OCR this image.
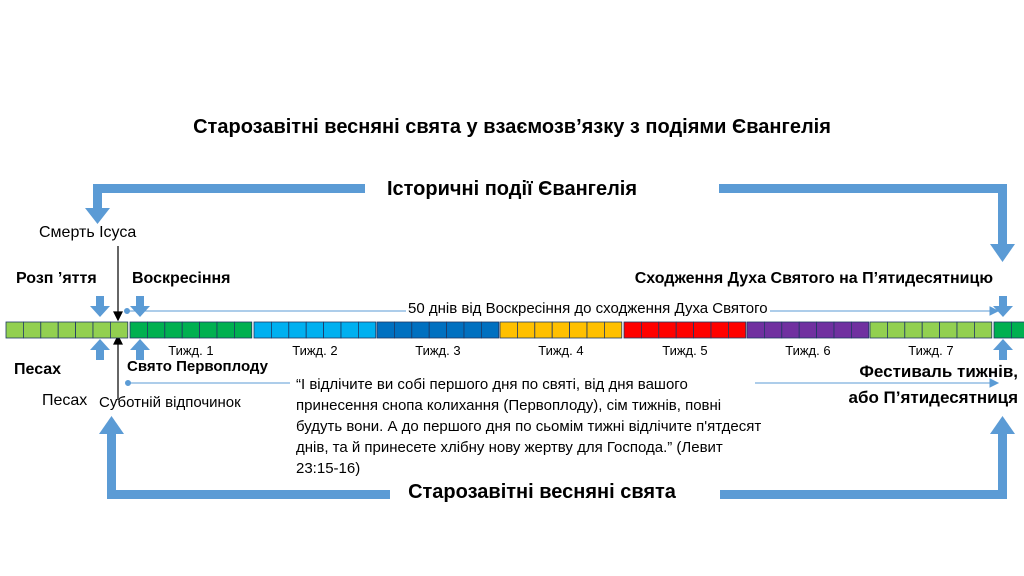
Старозавітні весняні свята у взаємозв’язку з подіями Євангелія
Історичні події Євангелія
Старозавітні весняні свята
Смерть Ісуса
Розп ’яття Воскресіння	Сходження Духа Святого на П’ятидесятницю
50 днів від Воскресіння до сходження Духа Святого
Песах	Свято Первоплоду
Песах Суботній відпочинок
Фестиваль тижнів,
або П’ятидесятниця
“І відлічите ви собі першого дня по святі, від дня вашого принесення снопа колихання (Первоплоду), сім тижнів, повні будуть вони. А до першого дня по сьомім тижні відлічите п'ятдесят днів, та й принесете хлібну нову жертву для Господа.” (Левит 23:15-16)
Тижд. 1	Тижд. 2	Тижд. 3	Тижд. 4	Тижд. 5	Тижд. 6	Тижд. 7
